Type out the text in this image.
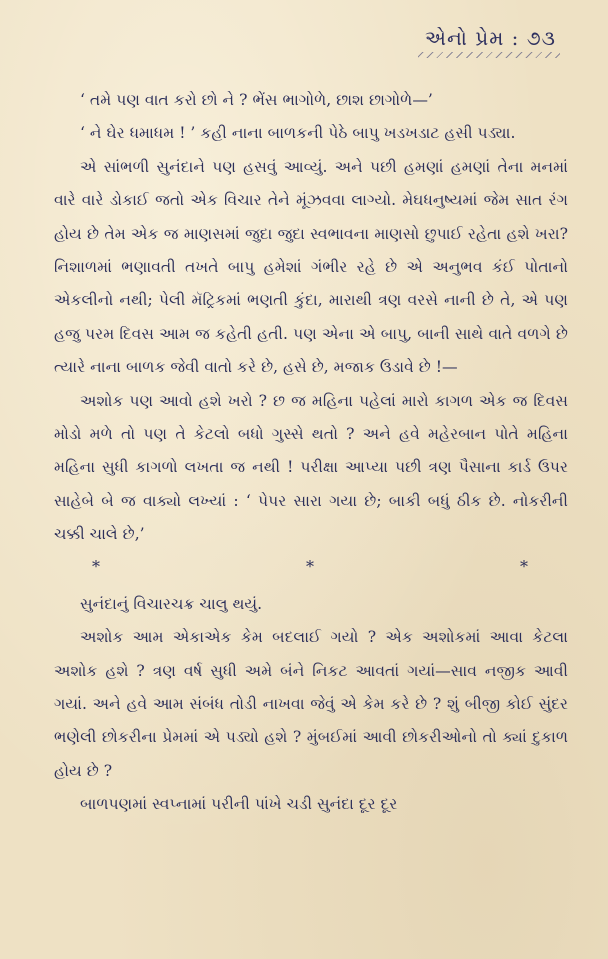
એનો પ્રેમ : ૭૩

‘ તમે પણ વાત કરો છો ને ? ભેંસ ભાગોળે, છાશ છાગોળે—’

‘ ને ઘેર ધમાધમ ! ’ કહી નાના બાળકની પેઠે બાપુ ખડખડાટ હસી પડ્યા.

એ સાંભળી સુનંદાને પણ હસવું આવ્યું. અને પછી હમણાં હમણાં તેના મનમાં વારે વારે ડોકાઈ જતો એક વિચાર તેને મૂંઝવવા લાગ્યો. મેઘધનુષ્યમાં જેમ સાત રંગ હોય છે તેમ એક જ માણસમાં જુદા જુદા સ્વભાવના માણસો છુપાઈ રહેતા હશે ખરા? નિશાળમાં ભણાવતી તખતે બાપુ હમેશાં ગંભીર રહે છે એ અનુભવ કંઈ પોતાનો એકલીનો નથી; પેલી મૅટ્રિકમાં ભણતી કુંદા, મારાથી ત્રણ વરસે નાની છે તે, એ પણ હજુ પરમ દિવસ આમ જ કહેતી હતી. પણ એના એ બાપુ, બાની સાથે વાતે વળગે છે ત્યારે નાના બાળક જેવી વાતો કરે છે, હસે છે, મજાક ઉડાવે છે !—

અશોક પણ આવો હશે ખરો ? છ જ મહિના પહેલાં મારો કાગળ એક જ દિવસ મોડો મળે તો પણ તે કેટલો બધો ગુસ્સે થતો ? અને હવે મહેરબાન પોતે મહિના મહિના સુધી કાગળો લખતા જ નથી ! પરીક્ષા આપ્યા પછી ત્રણ પૈસાના કાર્ડ ઉપર સાહેબે બે જ વાક્યો લખ્યાં : ‘ પેપર સારા ગયા છે; બાકી બધું ઠીક છે. નોકરીની ચક્કી ચાલે છે,’

*	*	*

સુનંદાનું વિચારચક્ર ચાલુ થયું.

અશોક આમ એકાએક કેમ બદલાઈ ગયો ? એક અશોકમાં આવા કેટલા અશોક હશે ? ત્રણ વર્ષ સુધી અમે બંને નિકટ આવતાં ગયાં—સાવ નજીક આવી ગયાં. અને હવે આમ સંબંધ તોડી નાખવા જેવું એ કેમ કરે છે ? શું બીજી કોઈ સુંદર ભણેલી છોકરીના પ્રેમમાં એ પડ્યો હશે ? મુંબઈમાં આવી છોકરીઓનો તો ક્યાં દુકાળ હોય છે ?

બાળપણમાં સ્વપ્નામાં પરીની પાંખે ચડી સુનંદા દૂર દૂર
